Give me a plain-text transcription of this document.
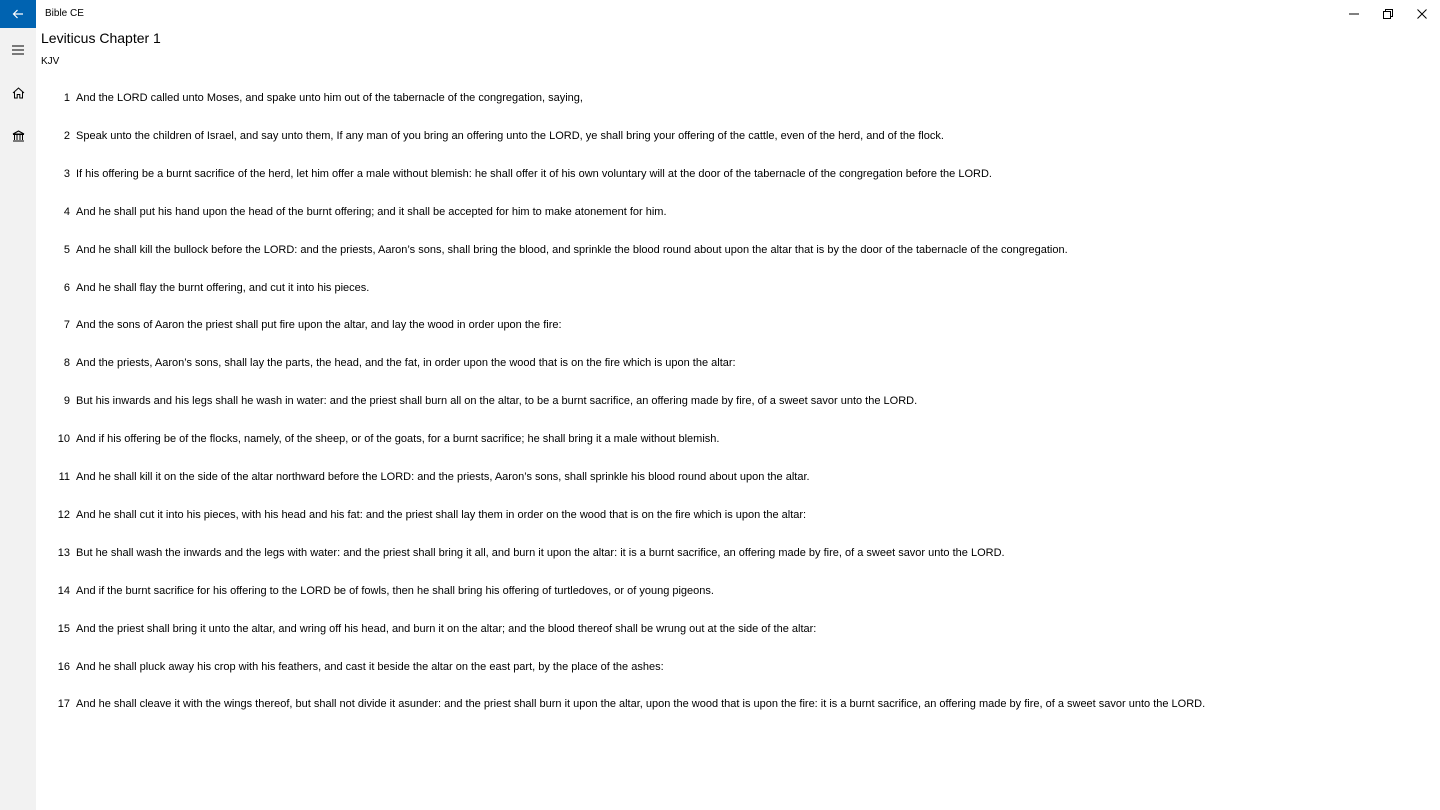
Bible CE
Leviticus Chapter 1
KJV
1 And the LORD called unto Moses, and spake unto him out of the tabernacle of the congregation, saying,
2 Speak unto the children of Israel, and say unto them, If any man of you bring an offering unto the LORD, ye shall bring your offering of the cattle, even of the herd, and of the flock.
3 If his offering be a burnt sacrifice of the herd, let him offer a male without blemish: he shall offer it of his own voluntary will at the door of the tabernacle of the congregation before the LORD.
4 And he shall put his hand upon the head of the burnt offering; and it shall be accepted for him to make atonement for him.
5 And he shall kill the bullock before the LORD: and the priests, Aaron’s sons, shall bring the blood, and sprinkle the blood round about upon the altar that is by the door of the tabernacle of the congregation.
6 And he shall flay the burnt offering, and cut it into his pieces.
7 And the sons of Aaron the priest shall put fire upon the altar, and lay the wood in order upon the fire:
8 And the priests, Aaron’s sons, shall lay the parts, the head, and the fat, in order upon the wood that is on the fire which is upon the altar:
9 But his inwards and his legs shall he wash in water: and the priest shall burn all on the altar, to be a burnt sacrifice, an offering made by fire, of a sweet savor unto the LORD.
10 And if his offering be of the flocks, namely, of the sheep, or of the goats, for a burnt sacrifice; he shall bring it a male without blemish.
11 And he shall kill it on the side of the altar northward before the LORD: and the priests, Aaron’s sons, shall sprinkle his blood round about upon the altar.
12 And he shall cut it into his pieces, with his head and his fat: and the priest shall lay them in order on the wood that is on the fire which is upon the altar:
13 But he shall wash the inwards and the legs with water: and the priest shall bring it all, and burn it upon the altar: it is a burnt sacrifice, an offering made by fire, of a sweet savor unto the LORD.
14 And if the burnt sacrifice for his offering to the LORD be of fowls, then he shall bring his offering of turtledoves, or of young pigeons.
15 And the priest shall bring it unto the altar, and wring off his head, and burn it on the altar; and the blood thereof shall be wrung out at the side of the altar:
16 And he shall pluck away his crop with his feathers, and cast it beside the altar on the east part, by the place of the ashes:
17 And he shall cleave it with the wings thereof, but shall not divide it asunder: and the priest shall burn it upon the altar, upon the wood that is upon the fire: it is a burnt sacrifice, an offering made by fire, of a sweet savor unto the LORD.
